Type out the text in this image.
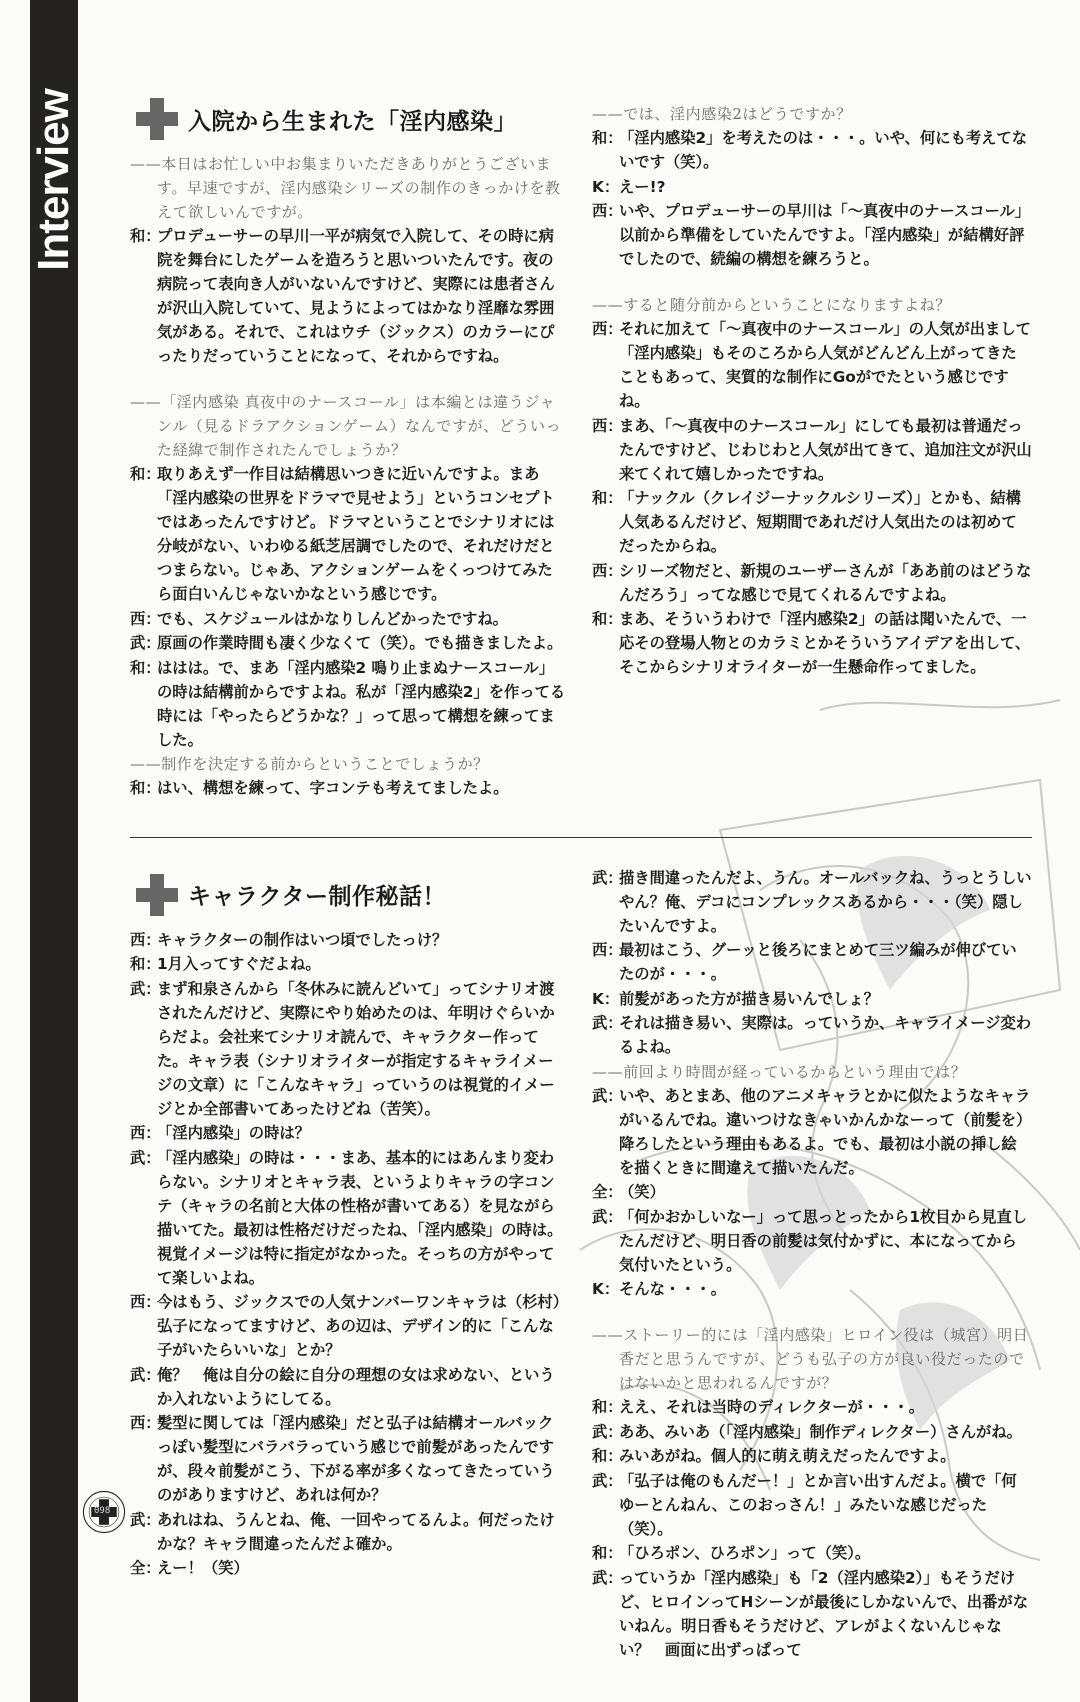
Interview	入院から生まれた「淫内感染」
——本日はお忙しい中お集まりいただきありがとうございます。早速ですが、淫内感染シリーズの制作のきっかけを教えて欲しいんですが。
和：
プロデューサーの早川一平が病気で入院して、その時に病院を舞台にしたゲームを造ろうと思いついたんです。夜の病院って表向き人がいないんですけど、実際には患者さんが沢山入院していて、見ようによってはかなり淫靡な雰囲気がある。それで、これはウチ（ジックス）のカラーにぴったりだっていうことになって、それからですね。
——「淫内感染 真夜中のナースコール」は本編とは違うジャンル（見るドラアクションゲーム）なんですが、どういった経緯で制作されたんでしょうか？
和：
取りあえず一作目は結構思いつきに近いんですよ。まあ「淫内感染の世界をドラマで見せよう」というコンセプトではあったんですけど。ドラマということでシナリオには分岐がない、いわゆる紙芝居調でしたので、それだけだとつまらない。じゃあ、アクションゲームをくっつけてみたら面白いんじゃないかなという感じです。
西：
でも、スケジュールはかなりしんどかったですね。
武：
原画の作業時間も凄く少なくて（笑）。でも描きましたよ。
和：
ははは。で、まあ「淫内感染2 鳴り止まぬナースコール」の時は結構前からですよね。私が「淫内感染2」を作ってる時には「やったらどうかな？」って思って構想を練ってました。
——制作を決定する前からということでしょうか？
和：
はい、構想を練って、字コンテも考えてましたよ。
——では、淫内感染2はどうですか？
和：
「淫内感染2」を考えたのは・・・。いや、何にも考えてないです（笑）。
K： えー!?
西：
いや、プロデューサーの早川は「〜真夜中のナースコール」以前から準備をしていたんですよ。「淫内感染」が結構好評でしたので、続編の構想を練ろうと。
——すると随分前からということになりますよね？
西：
それに加えて「〜真夜中のナースコール」の人気が出まして「淫内感染」もそのころから人気がどんどん上がってきたこともあって、実質的な制作にGoがでたという感じですね。
西：
まあ、「〜真夜中のナースコール」にしても最初は普通だったんですけど、じわじわと人気が出てきて、追加注文が沢山来てくれて嬉しかったですね。
和：
「ナックル（クレイジーナックルシリーズ）」とかも、結構人気あるんだけど、短期間であれだけ人気出たのは初めてだったからね。
西：
シリーズ物だと、新規のユーザーさんが「ああ前のはどうなんだろう」ってな感じで見てくれるんですよね。
和：
まあ、そういうわけで「淫内感染2」の話は聞いたんで、一応その登場人物とのカラミとかそういうアイデアを出して、そこからシナリオライターが一生懸命作ってました。
キャラクター制作秘話！
西：
キャラクターの制作はいつ頃でしたっけ？
和：
1月入ってすぐだよね。
武：
まず和泉さんから「冬休みに読んどいて」ってシナリオ渡されたんだけど、実際にやり始めたのは、年明けぐらいからだよ。会社来てシナリオ読んで、キャラクター作ってた。キャラ表（シナリオライターが指定するキャライメージの文章）に「こんなキャラ」っていうのは視覚的イメージとか全部書いてあったけどね（苦笑）。
西：
「淫内感染」の時は？
武：
「淫内感染」の時は・・・まあ、基本的にはあんまり変わらない。シナリオとキャラ表、というよりキャラの字コンテ（キャラの名前と大体の性格が書いてある）を見ながら描いてた。最初は性格だけだったね、「淫内感染」の時は。視覚イメージは特に指定がなかった。そっちの方がやってて楽しいよね。
西：
今はもう、ジックスでの人気ナンバーワンキャラは（杉村）弘子になってますけど、あの辺は、デザイン的に「こんな子がいたらいいな」とか？
武：
俺？　俺は自分の絵に自分の理想の女は求めない、というか入れないようにしてる。
西：
髪型に関しては「淫内感染」だと弘子は結構オールバックっぽい髪型にバラバラっていう感じで前髪があったんですが、段々前髪がこう、下がる率が多くなってきたっていうのがありますけど、あれは何か？
武：
あれはね、うんとね、俺、一回やってるんよ。何だったけかな？キャラ間違ったんだよ確か。
全：
えー！（笑）
武：
描き間違ったんだよ、うん。オールバックね、うっとうしいやん？俺、デコにコンプレックスあるから・・・（笑）隠したいんですよ。
西：
最初はこう、グーッと後ろにまとめて三ツ編みが伸びていたのが・・・。
K： 前髪があった方が描き易いんでしょ？
武：
それは描き易い、実際は。っていうか、キャライメージ変わるよね。
——前回より時間が経っているからという理由では？
武：
いや、あとまあ、他のアニメキャラとかに似たようなキャラがいるんでね。違いつけなきゃいかんかなーって（前髪を）降ろしたという理由もあるよ。でも、最初は小説の挿し絵を描くときに間違えて描いたんだ。
全：
（笑）
武：
「何かおかしいなー」って思っとったから1枚目から見直したんだけど、明日香の前髪は気付かずに、本になってから気付いたという。
K： そんな・・・。
——ストーリー的には「淫内感染」ヒロイン役は（城宮）明日香だと思うんですが、どうも弘子の方が良い役だったのではないかと思われるんですが？
和：
ええ、それは当時のディレクターが・・・。
武：
ああ、みいあ（「淫内感染」制作ディレクター）さんがね。
和：
みいあがね。個人的に萌え萌えだったんですよ。
武：
「弘子は俺のもんだー！」とか言い出すんだよ。横で「何ゆーとんねん、このおっさん！」みたいな感じだった（笑）。
和：
「ひろポン、ひろポン」って（笑）。
武：
っていうか「淫内感染」も「2（淫内感染2）」もそうだけど、ヒロインってHシーンが最後にしかないんで、出番がないねん。明日香もそうだけど、アレがよくないんじゃない？　画面に出ずっぱって
098
